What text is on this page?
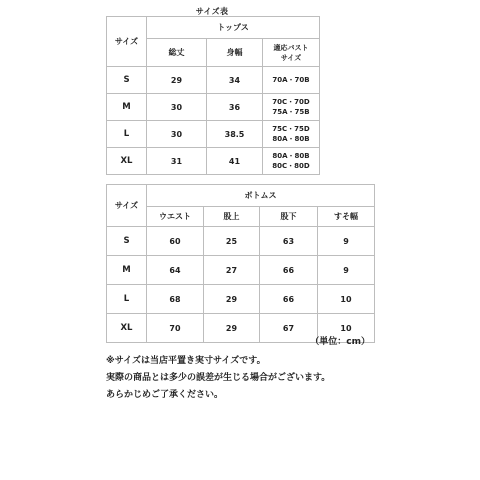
サイズ表
サイズ	トップス		
	総丈	身幅	適応バスト
サイズ
S	29	34	70A・70B
M	30	36	70C・70D
75A・75B
L	30	38.5	75C・75D
80A・80B
XL	31	41	80A・80B
80C・80D
サイズ	ボトムス			
	ウエスト	股上	股下	すそ幅
S	60	25	63	9
M	64	27	66	9
L	68	29	66	10
XL	70	29	67	10
（単位：cm）
※サイズは当店平置き実寸サイズです。
実際の商品とは多少の誤差が生じる場合がございます。
あらかじめご了承ください。
